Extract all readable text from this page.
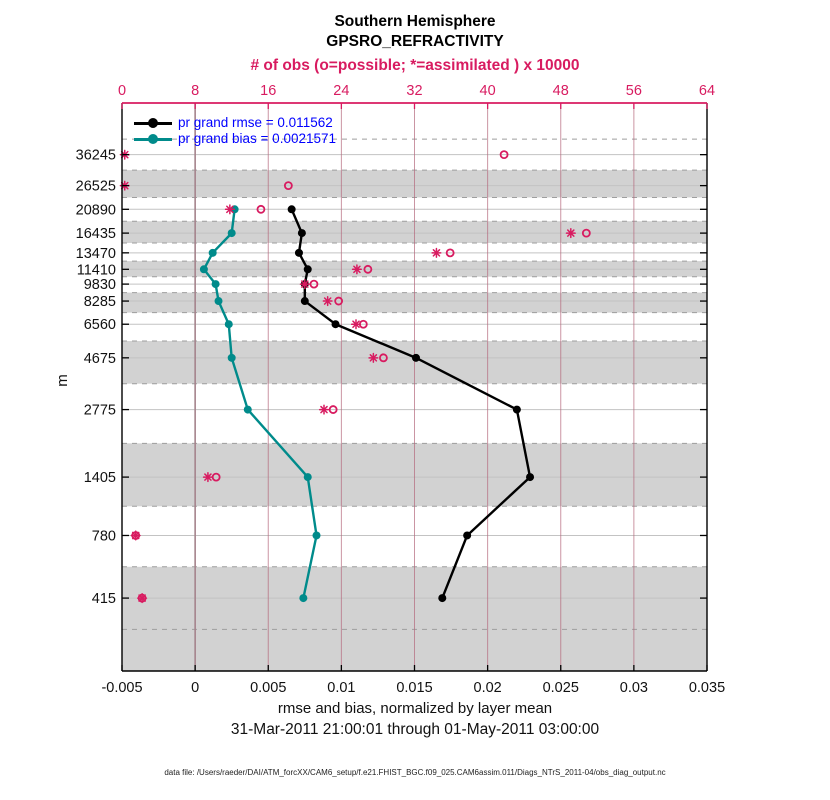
-0.005	0	0.005	0.01	0.015	0.02	0.025	0.03	0.035
0	8	16	24	32	40	48	56	64
36245
26525
20890
16435
13470
11410
9830
8285
6560
4675
2775
1405
780
415
Southern Hemisphere
GPSRO_REFRACTIVITY
# of obs (o=possible; *=assimilated ) x 10000
m
pr grand rmse = 0.011562
pr grand bias = 0.0021571
rmse and bias, normalized by layer mean
31-Mar-2011 21:00:01 through 01-May-2011 03:00:00
data file: /Users/raeder/DAI/ATM_forcXX/CAM6_setup/f.e21.FHIST_BGC.f09_025.CAM6assim.011/Diags_NTrS_2011-04/obs_diag_output.nc
